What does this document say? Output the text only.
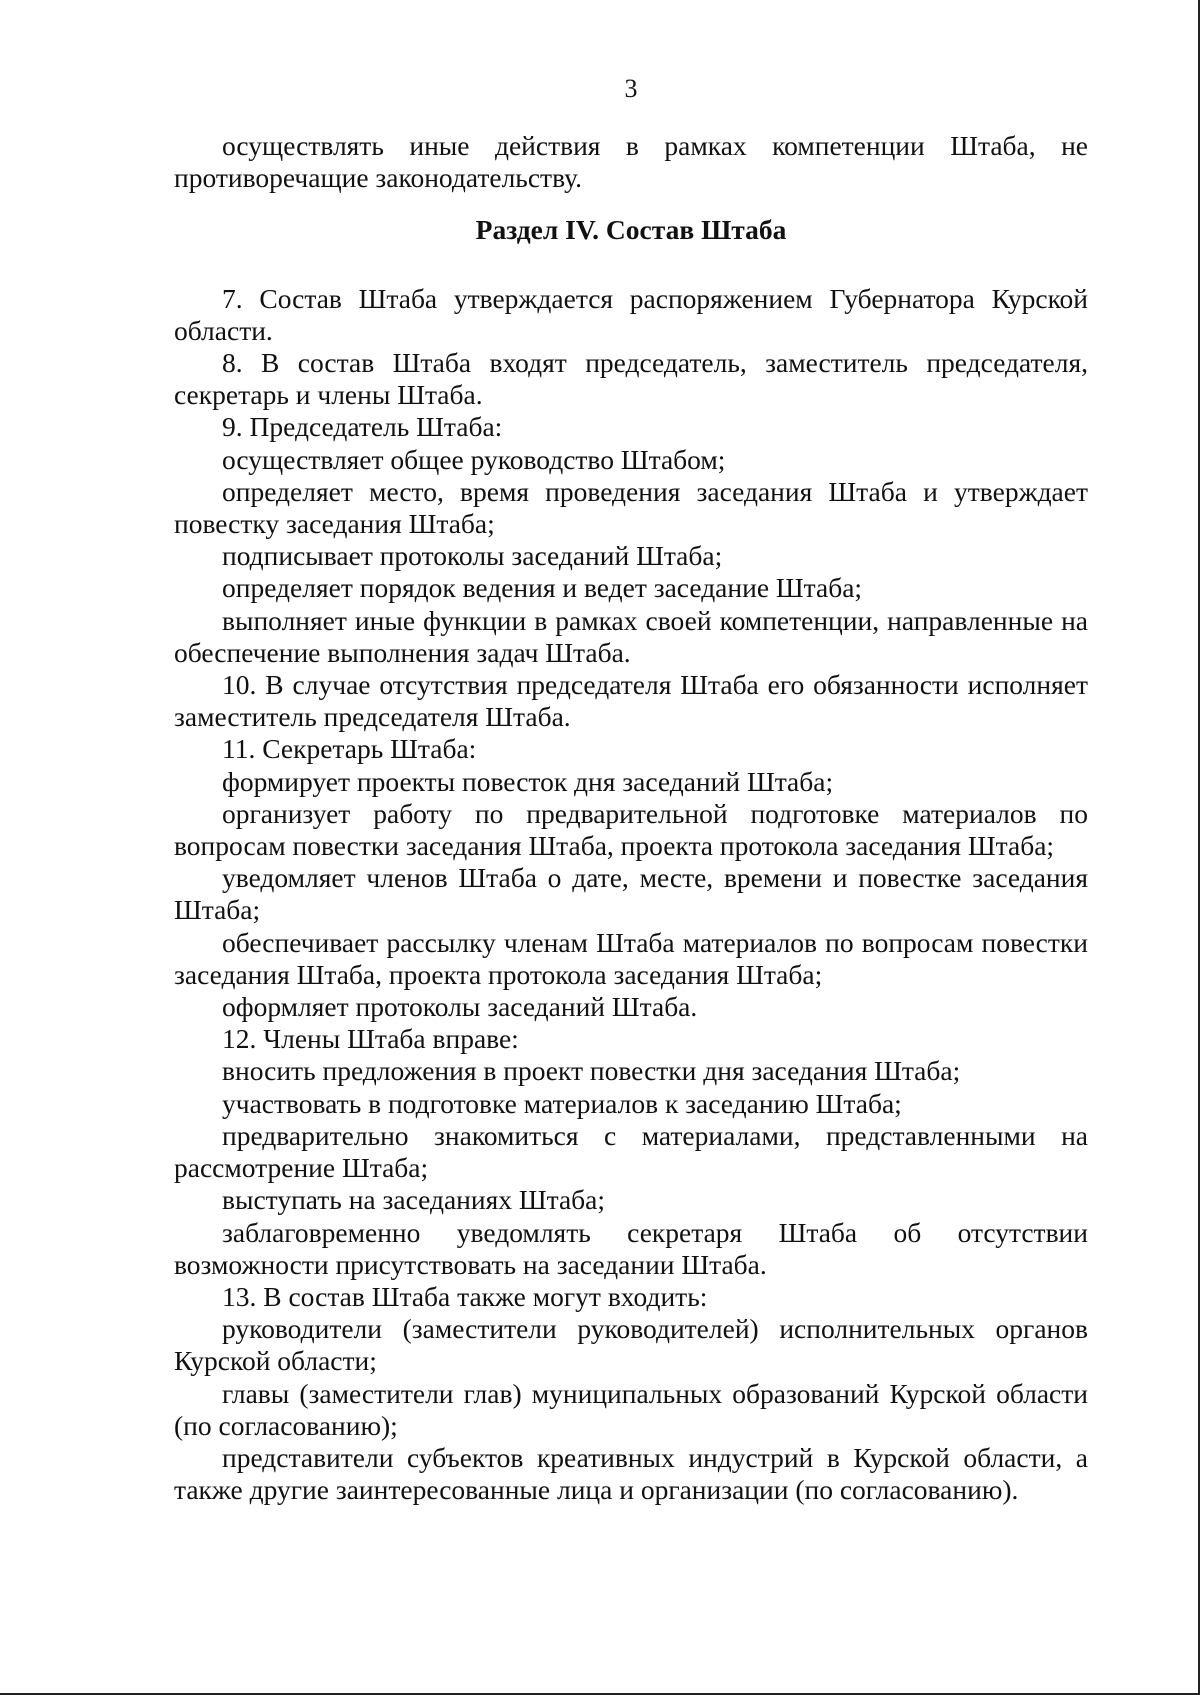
3

осуществлять иные действия в рамках компетенции Штаба, не противоречащие законодательству.

Раздел IV. Состав Штаба

7. Состав Штаба утверждается распоряжением Губернатора Курской области.

8. В состав Штаба входят председатель, заместитель председателя, секретарь и члены Штаба.

9. Председатель Штаба:

осуществляет общее руководство Штабом;

определяет место, время проведения заседания Штаба и утверждает повестку заседания Штаба;

подписывает протоколы заседаний Штаба;

определяет порядок ведения и ведет заседание Штаба;

выполняет иные функции в рамках своей компетенции, направленные на обеспечение выполнения задач Штаба.

10. В случае отсутствия председателя Штаба его обязанности исполняет заместитель председателя Штаба.

11. Секретарь Штаба:

формирует проекты повесток дня заседаний Штаба;

организует работу по предварительной подготовке материалов по вопросам повестки заседания Штаба, проекта протокола заседания Штаба;

уведомляет членов Штаба о дате, месте, времени и повестке заседания Штаба;

обеспечивает рассылку членам Штаба материалов по вопросам повестки заседания Штаба, проекта протокола заседания Штаба;

оформляет протоколы заседаний Штаба.

12. Члены Штаба вправе:

вносить предложения в проект повестки дня заседания Штаба;

участвовать в подготовке материалов к заседанию Штаба;

предварительно знакомиться с материалами, представленными на рассмотрение Штаба;

выступать на заседаниях Штаба;

заблаговременно уведомлять секретаря Штаба об отсутствии возможности присутствовать на заседании Штаба.

13. В состав Штаба также могут входить:

руководители (заместители руководителей) исполнительных органов Курской области;

главы (заместители глав) муниципальных образований Курской области (по согласованию);

представители субъектов креативных индустрий в Курской области, а также другие заинтересованные лица и организации (по согласованию).
